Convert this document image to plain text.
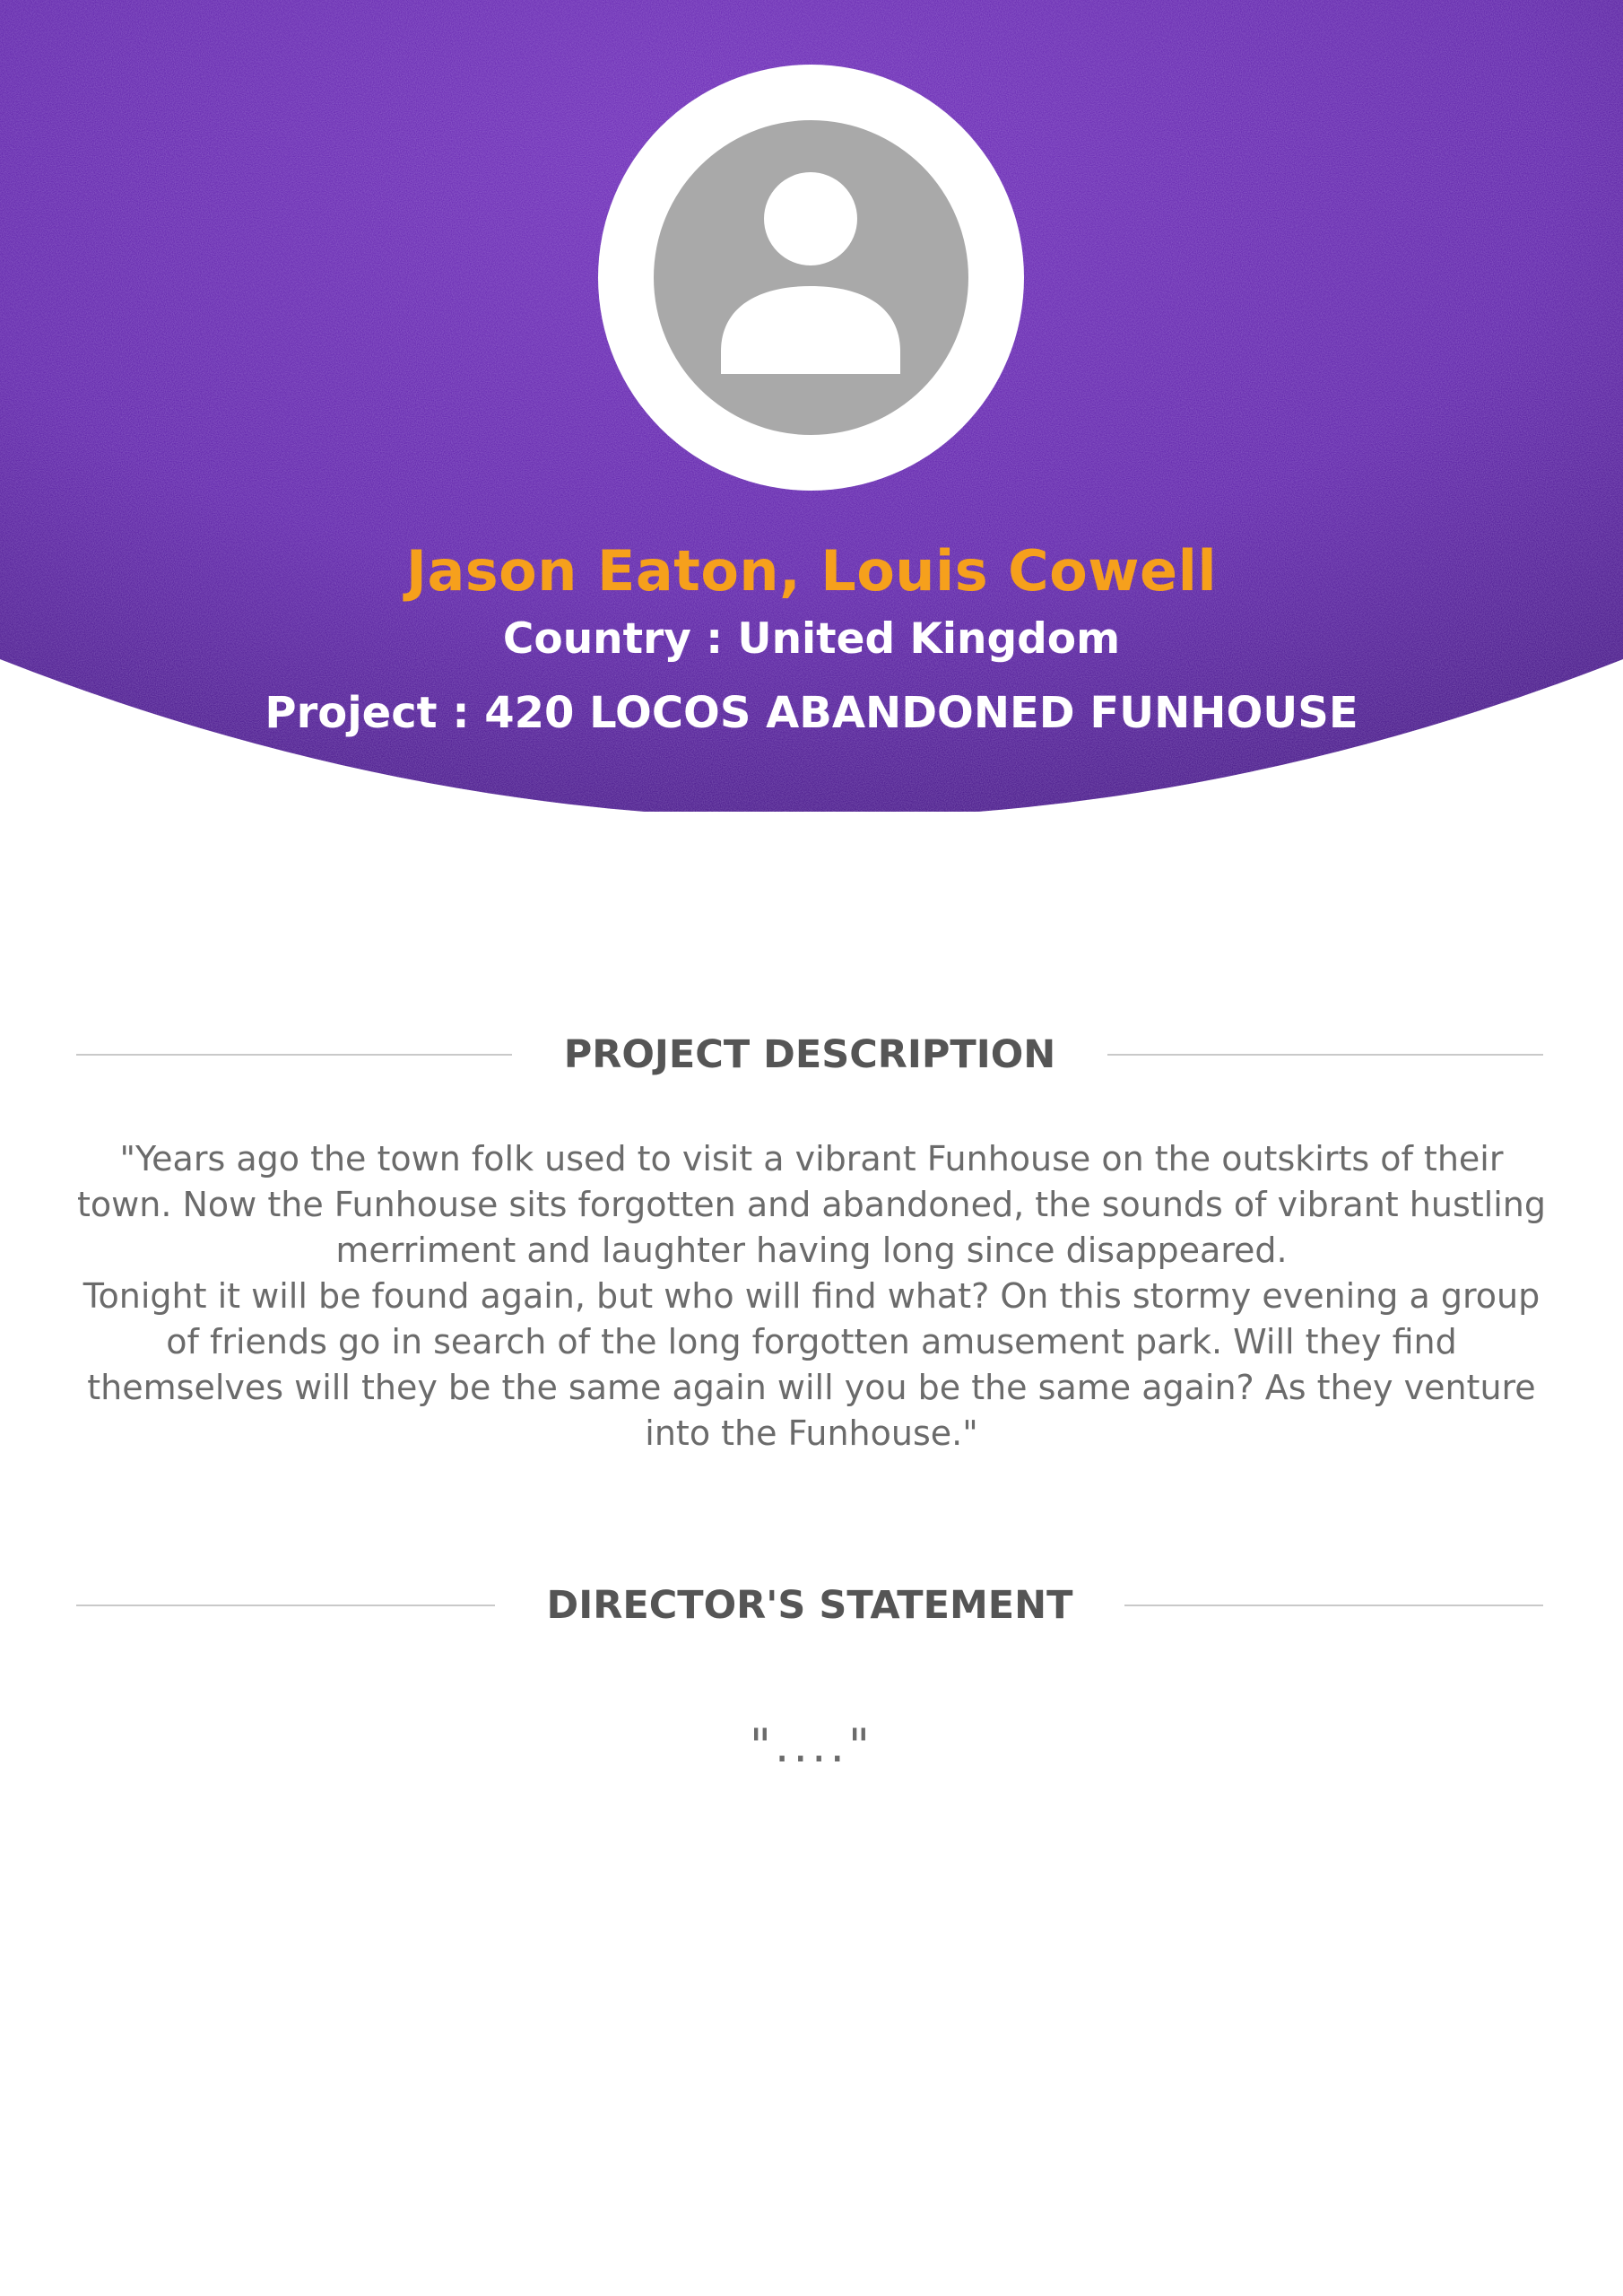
Jason Eaton, Louis Cowell
Country : United Kingdom
Project : 420 LOCOS ABANDONED FUNHOUSE
PROJECT DESCRIPTION

"Years ago the town folk used to visit a vibrant Funhouse on the outskirts of their town. Now the Funhouse sits forgotten and abandoned, the sounds of vibrant hustling merriment and laughter having long since disappeared.

Tonight it will be found again, but who will find what? On this stormy evening a group of friends go in search of the long forgotten amusement park. Will they find themselves will they be the same again will you be the same again? As they venture into the Funhouse."

DIRECTOR'S STATEMENT
"...."
